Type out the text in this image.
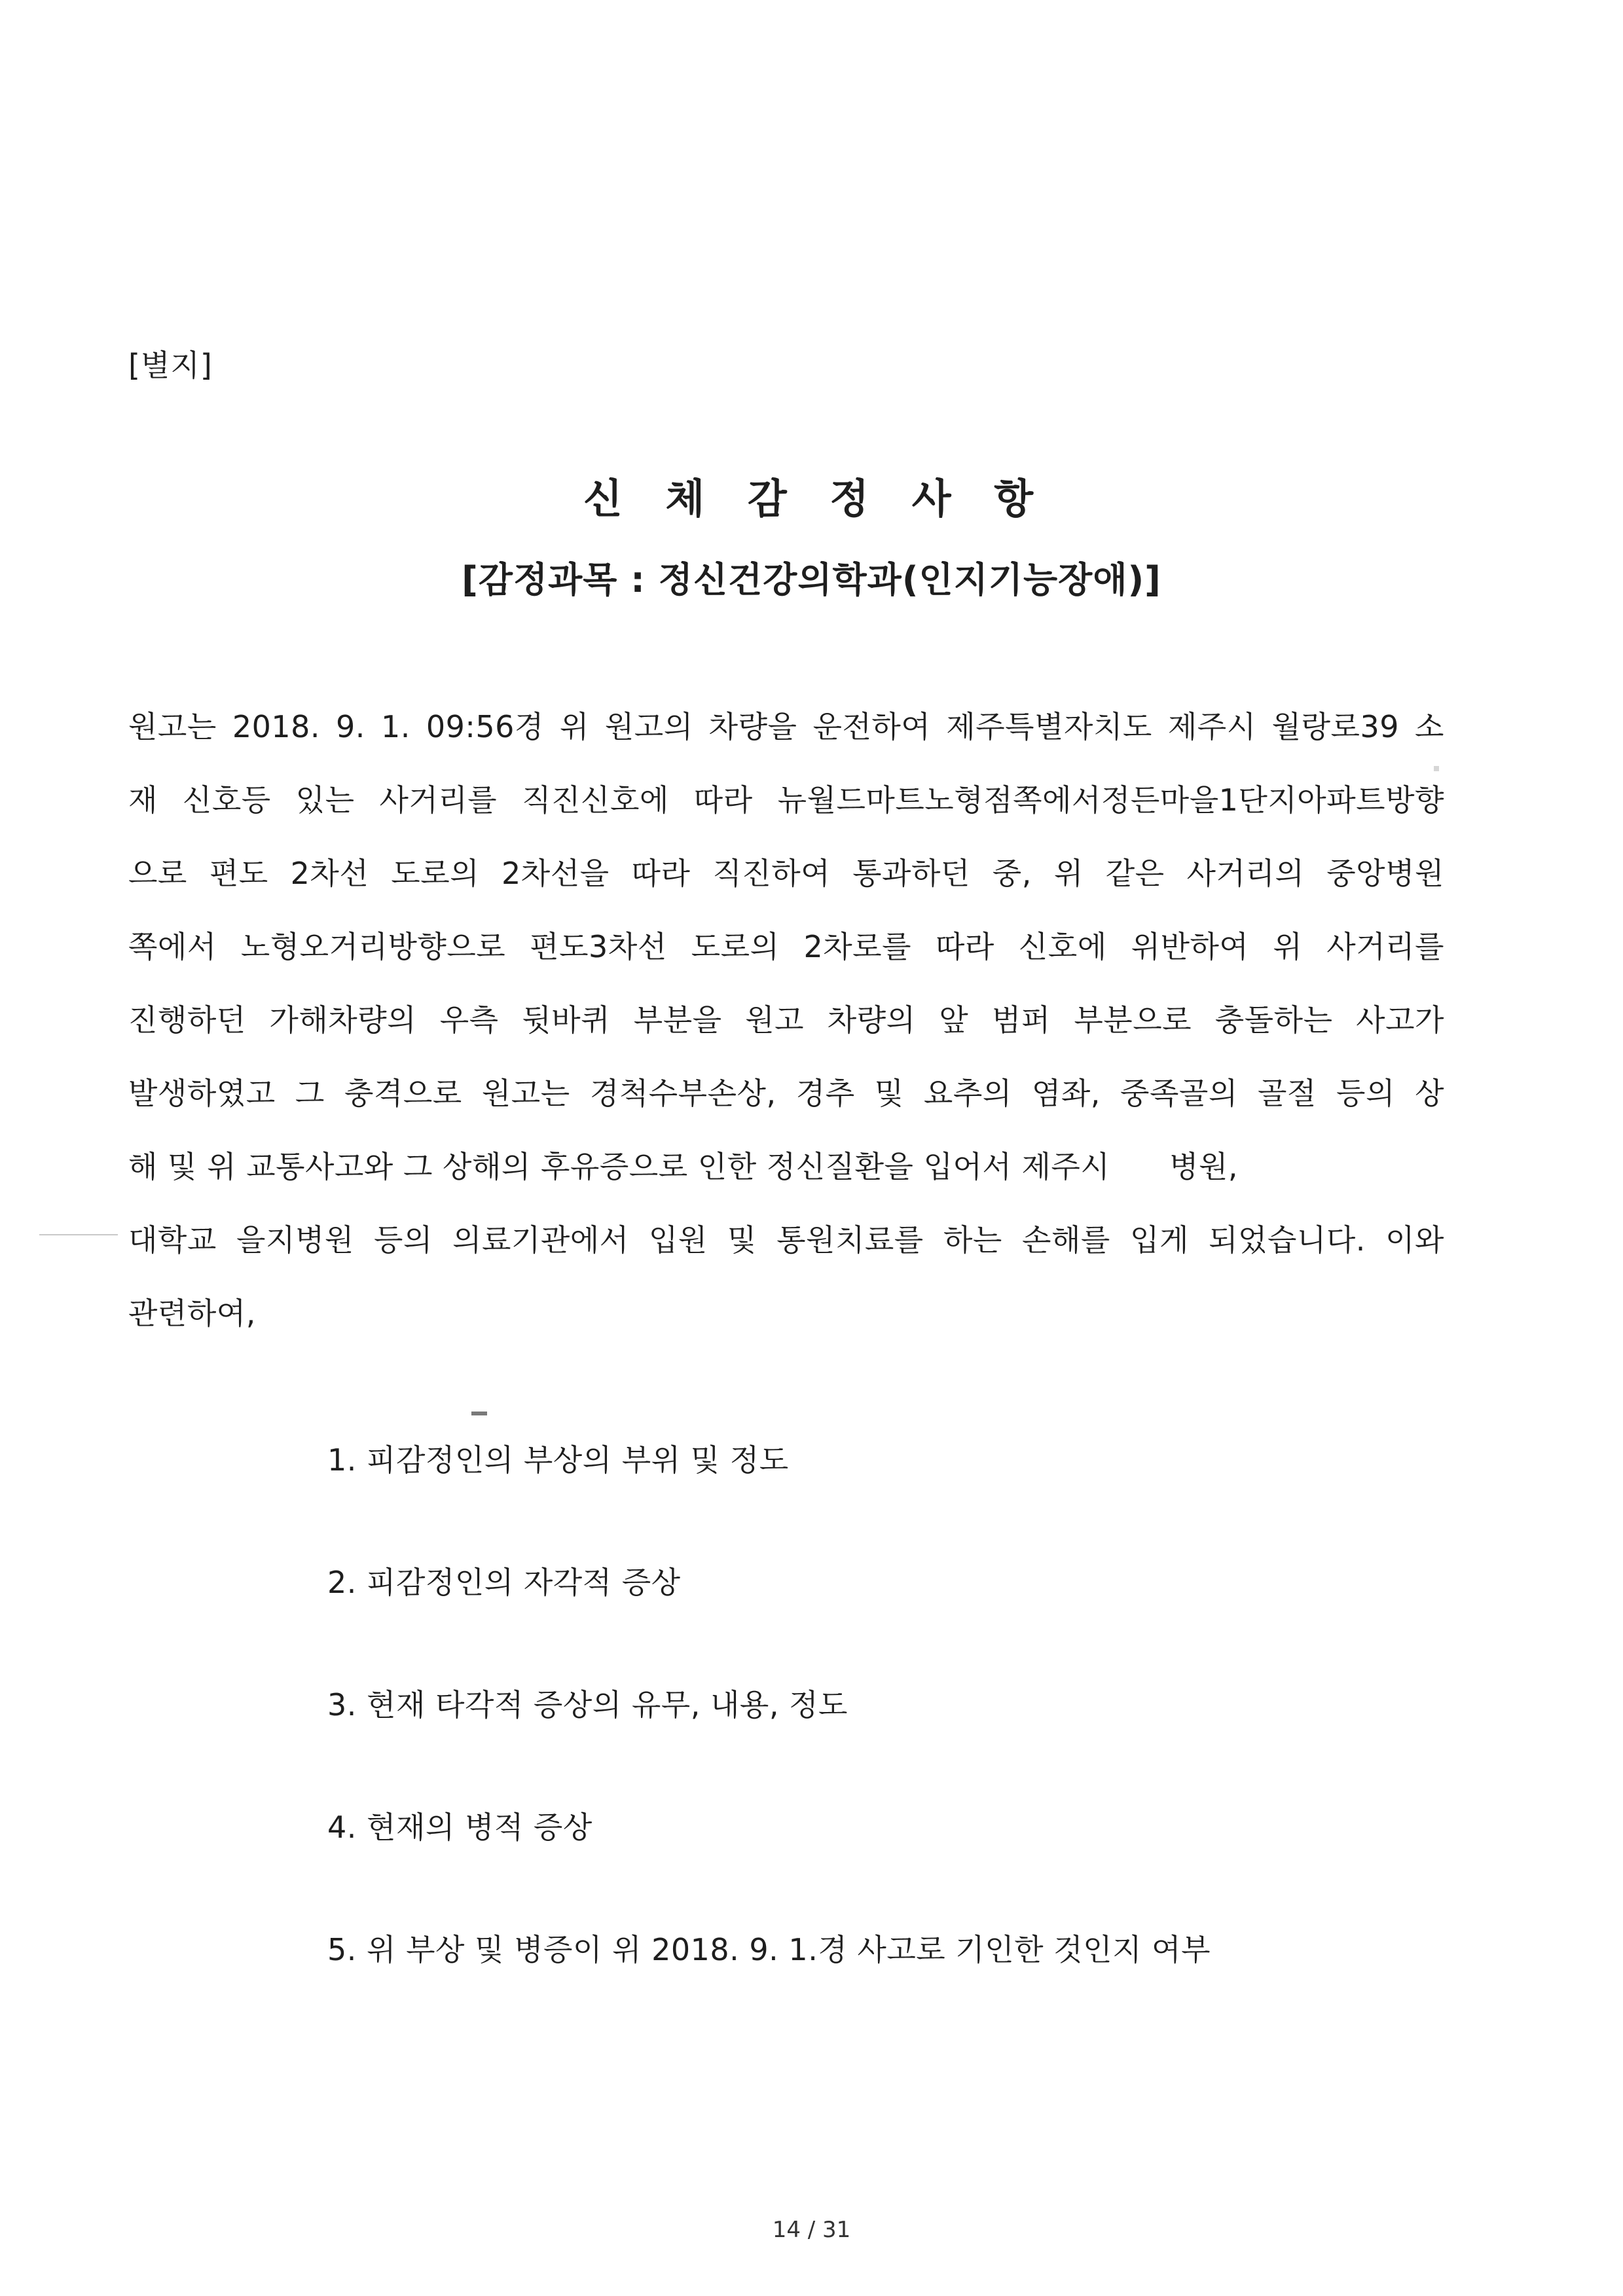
[별지]
신 체 감 정 사 항
[감정과목 : 정신건강의학과(인지기능장애)]
원고는 2018. 9. 1. 09:56경 위 원고의 차량을 운전하여 제주특별자치도 제주시 월랑로39 소
재 신호등 있는 사거리를 직진신호에 따라 뉴월드마트노형점쪽에서정든마을1단지아파트방향
으로 편도 2차선 도로의 2차선을 따라 직진하여 통과하던 중, 위 같은 사거리의 중앙병원
쪽에서 노형오거리방향으로 편도3차선 도로의 2차로를 따라 신호에 위반하여 위 사거리를
진행하던 가해차량의 우측 뒷바퀴 부분을 원고 차량의 앞 범퍼 부분으로 충돌하는 사고가
발생하였고 그 충격으로 원고는 경척수부손상, 경추 및 요추의 염좌, 중족골의 골절 등의 상
해 및 위 교통사고와 그 상해의 후유증으로 인한 정신질환을 입어서 제주시      병원,
대학교 을지병원 등의 의료기관에서 입원 및 통원치료를 하는 손해를 입게 되었습니다. 이와
관련하여,
1. 피감정인의 부상의 부위 및 정도
2. 피감정인의 자각적 증상
3. 현재 타각적 증상의 유무, 내용, 정도
4. 현재의 병적 증상
5. 위 부상 및 병증이 위 2018. 9. 1.경 사고로 기인한 것인지 여부
14 / 31
